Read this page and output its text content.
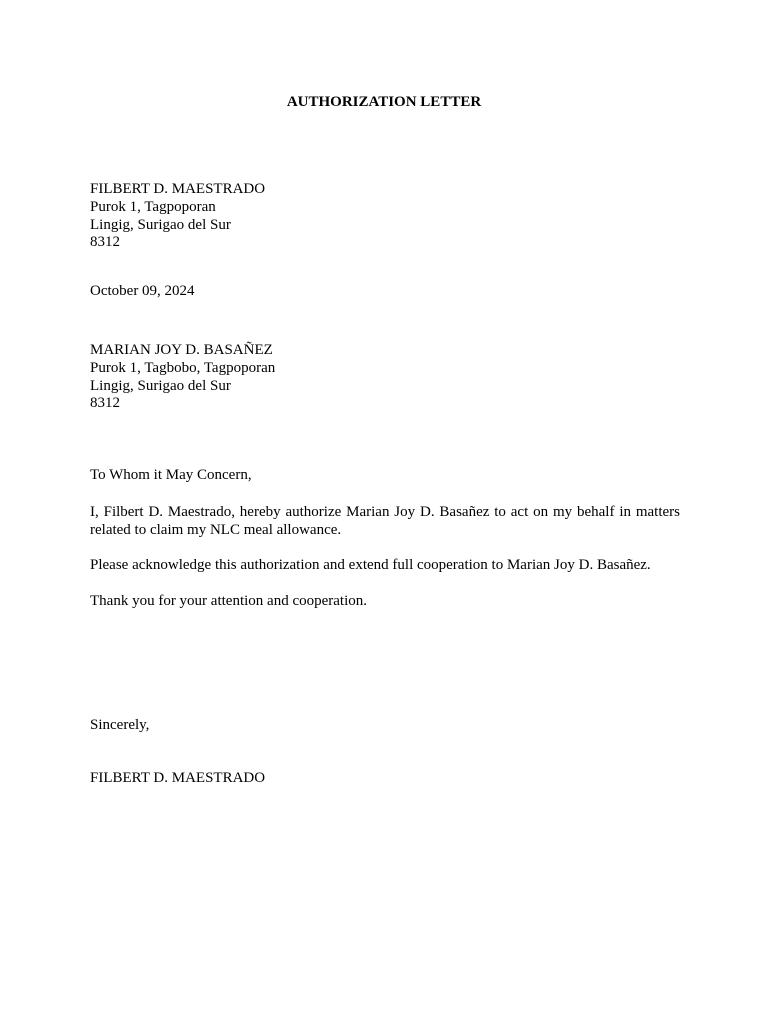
AUTHORIZATION LETTER
FILBERT D. MAESTRADO
Purok 1, Tagpoporan
Lingig, Surigao del Sur
8312
October 09, 2024
MARIAN JOY D. BASAÑEZ
Purok 1, Tagbobo, Tagpoporan
Lingig, Surigao del Sur
8312
To Whom it May Concern,
I, Filbert D. Maestrado, hereby authorize Marian Joy D. Basañez to act on my behalf in matters related to claim my NLC meal allowance.
Please acknowledge this authorization and extend full cooperation to Marian Joy D. Basañez.
Thank you for your attention and cooperation.
Sincerely,
FILBERT D. MAESTRADO
